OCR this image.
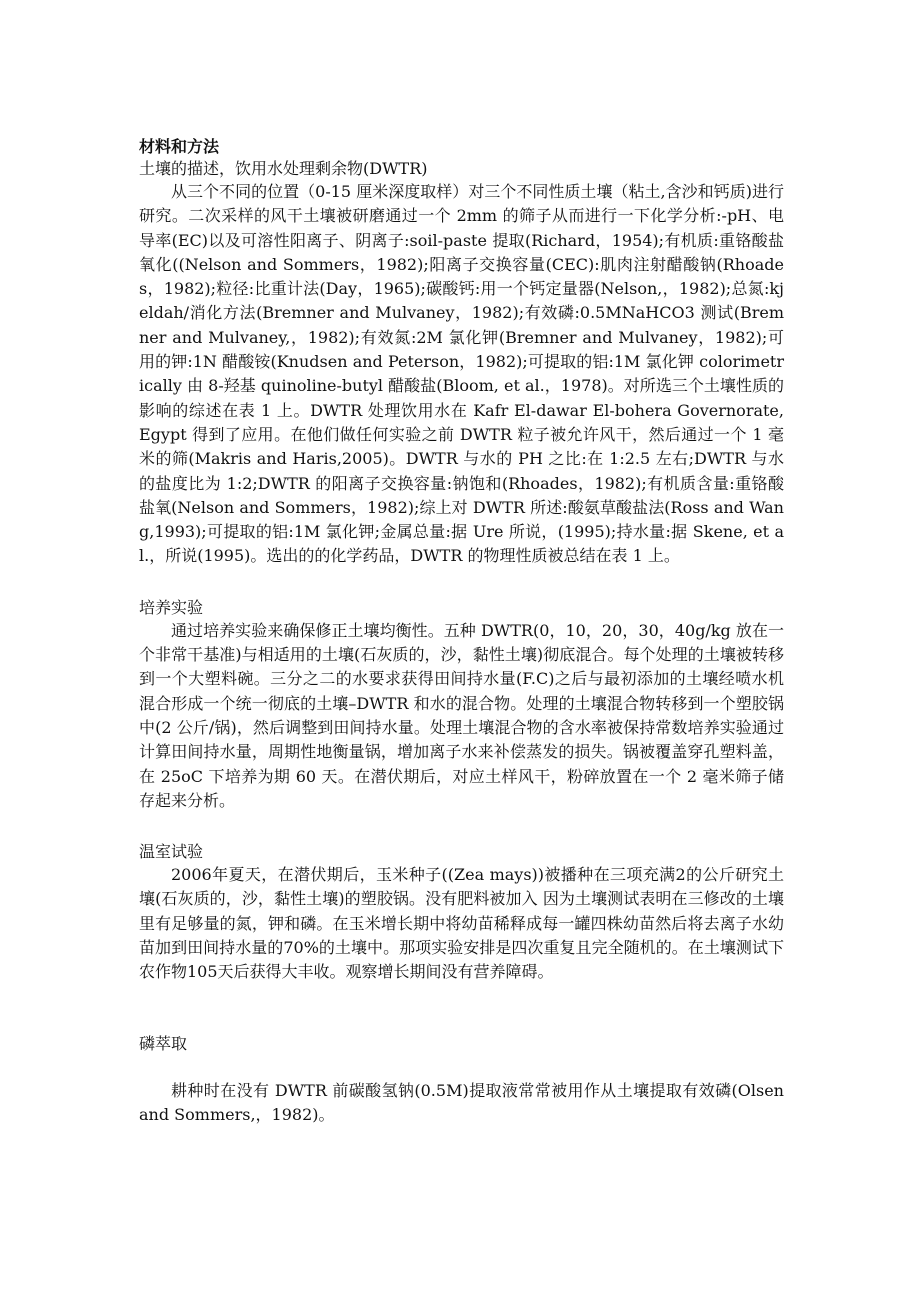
材料和方法

土壤的描述，饮用水处理剩余物(DWTR)

从三个不同的位置（0-15 厘米深度取样）对三个不同性质土壤（粘土,含沙和钙质)进行研究。二次采样的风干土壤被研磨通过一个 2mm 的筛子从而进行一下化学分析:-pH、电导率(EC)以及可溶性阳离子、阴离子:soil-paste 提取(Richard，1954);有机质:重铬酸盐氧化((Nelson and Sommers，1982);阳离子交换容量(CEC):肌肉注射醋酸钠(Rhoades，1982);粒径:比重计法(Day，1965);碳酸钙:用一个钙定量器(Nelson,，1982);总氮:kjeldah/消化方法(Bremner and Mulvaney，1982);有效磷:0.5MNaHCO3 测试(Bremner and Mulvaney,，1982);有效氮:2M 氯化钾(Bremner and Mulvaney，1982);可用的钾:1N 醋酸铵(Knudsen and Peterson，1982);可提取的铝:1M 氯化钾 colorimetrically 由 8-羟基 quinoline-butyl 醋酸盐(Bloom, et al.，1978)。对所选三个土壤性质的影响的综述在表 1 上。DWTR 处理饮用水在 Kafr El-dawar El-bohera Governorate, Egypt 得到了应用。在他们做任何实验之前 DWTR 粒子被允许风干，然后通过一个 1 毫米的筛(Makris and Haris,2005)。DWTR 与水的 PH 之比:在 1:2.5 左右;DWTR 与水的盐度比为 1:2;DWTR 的阳离子交换容量:钠饱和(Rhoades，1982);有机质含量:重铬酸盐氧(Nelson and Sommers，1982);综上对 DWTR 所述:酸氨草酸盐法(Ross and Wang,1993);可提取的铝:1M 氯化钾;金属总量:据 Ure 所说，(1995);持水量:据 Skene, et al.，所说(1995)。选出的的化学药品，DWTR 的物理性质被总结在表 1 上。

培养实验

通过培养实验来确保修正土壤均衡性。五种 DWTR(0，10，20，30，40g/kg 放在一个非常干基准)与相适用的土壤(石灰质的，沙，黏性土壤)彻底混合。每个处理的土壤被转移到一个大塑料碗。三分之二的水要求获得田间持水量(F.C)之后与最初添加的土壤经喷水机混合形成一个统一彻底的土壤–DWTR 和水的混合物。处理的土壤混合物转移到一个塑胶锅中(2 公斤/锅)，然后调整到田间持水量。处理土壤混合物的含水率被保持常数培养实验通过计算田间持水量，周期性地衡量锅，增加离子水来补偿蒸发的损失。锅被覆盖穿孔塑料盖，在 25oC 下培养为期 60 天。在潜伏期后，对应土样风干，粉碎放置在一个 2 毫米筛子储存起来分析。

温室试验

2006年夏天，在潜伏期后，玉米种子((Zea mays))被播种在三项充满2的公斤研究土壤(石灰质的，沙，黏性土壤)的塑胶锅。没有肥料被加入 因为土壤测试表明在三修改的土壤里有足够量的氮，钾和磷。在玉米增长期中将幼苗稀释成每一罐四株幼苗然后将去离子水幼苗加到田间持水量的70%的土壤中。那项实验安排是四次重复且完全随机的。在土壤测试下农作物105天后获得大丰收。观察增长期间没有营养障碍。

磷萃取

耕种时在没有 DWTR 前碳酸氢钠(0.5M)提取液常常被用作从土壤提取有效磷(Olsen and Sommers,，1982)。
